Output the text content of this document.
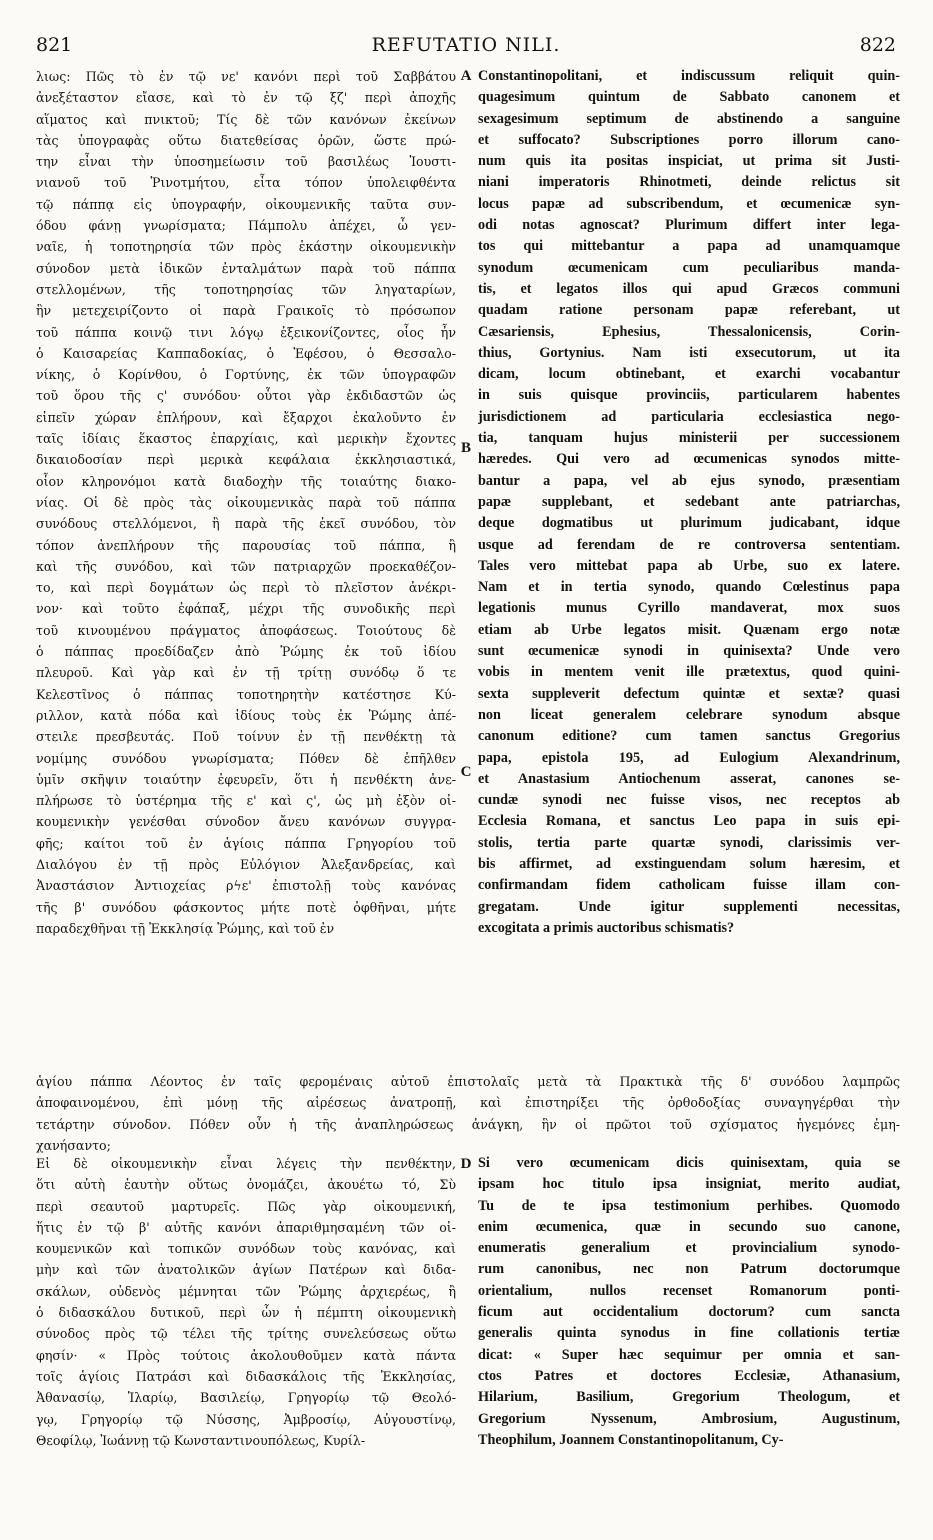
821	REFUTATIO NILI.	822
λιως: Πῶς τὸ ἐν τῷ νε' κανόνι περὶ τοῦ Σαββάτου
ἀνεξέταστον εἴασε, καὶ τὸ ἐν τῷ ξζ' περὶ ἀποχῆς
αἵματος καὶ πνικτοῦ; Τίς δὲ τῶν κανόνων ἐκείνων
τὰς ὑπογραφὰς οὕτω διατεθείσας ὁρῶν, ὥστε πρώ-
την εἶναι τὴν ὑποσημείωσιν τοῦ βασιλέως Ἰουστι-
νιανοῦ τοῦ Ῥινοτμήτου, εἶτα τόπον ὑπολειφθέντα
τῷ πάππᾳ εἰς ὑπογραφήν, οἰκουμενικῆς ταῦτα συν-
όδου φάνῃ γνωρίσματα; Πάμπολυ ἀπέχει, ὦ γεν-
ναῖε, ἡ τοποτηρησία τῶν πρὸς ἑκάστην οἰκουμενικὴν
σύνοδον μετὰ ἰδικῶν ἐνταλμάτων παρὰ τοῦ πάππα
στελλομένων, τῆς τοποτηρησίας τῶν ληγαταρίων,
ἣν μετεχειρίζοντο οἱ παρὰ Γραικοῖς τὸ πρόσωπον
τοῦ πάππα κοινῷ τινι λόγῳ ἐξεικονίζοντες, οἷος ἦν
ὁ Καισαρείας Καππαδοκίας, ὁ Ἐφέσου, ὁ Θεσσαλο-
νίκης, ὁ Κορίνθου, ὁ Γορτύνης, ἐκ τῶν ὑπογραφῶν
τοῦ ὅρου τῆς ς' συνόδου· οὗτοι γὰρ ἐκδιδαστῶν ὡς
εἰπεῖν χώραν ἐπλήρουν, καὶ ἔξαρχοι ἐκαλοῦντο ἐν
ταῖς ἰδίαις ἕκαστος ἐπαρχίαις, καὶ μερικὴν ἔχοντες
δικαιοδοσίαν περὶ μερικὰ κεφάλαια ἐκκλησιαστικά,
οἷον κληρονόμοι κατὰ διαδοχὴν τῆς τοιαύτης διακο-
νίας. Οἱ δὲ πρὸς τὰς οἰκουμενικὰς παρὰ τοῦ πάππα
συνόδους στελλόμενοι, ἢ παρὰ τῆς ἐκεῖ συνόδου, τὸν
τόπον ἀνεπλήρουν τῆς παρουσίας τοῦ πάππα, ἢ
καὶ τῆς συνόδου, καὶ τῶν πατριαρχῶν προεκαθέζον-
το, καὶ περὶ δογμάτων ὡς περὶ τὸ πλεῖστον ἀνέκρι-
νον· καὶ τοῦτο ἐφάπαξ, μέχρι τῆς συνοδικῆς περὶ
τοῦ κινουμένου πράγματος ἀποφάσεως. Τοιούτους δὲ
ὁ πάππας προεδίδαζεν ἀπὸ Ῥώμης ἐκ τοῦ ἰδίου
πλευροῦ. Καὶ γὰρ καὶ ἐν τῇ τρίτῃ συνόδῳ ὅ τε
Κελεστῖνος ὁ πάππας τοποτηρητὴν κατέστησε Κύ-
ριλλον, κατὰ πόδα καὶ ἰδίους τοὺς ἐκ Ῥώμης ἀπέ-
στειλε πρεσβευτάς. Ποῦ τοίνυν ἐν τῇ πενθέκτῃ τὰ
νομίμης συνόδου γνωρίσματα; Πόθεν δὲ ἐπῆλθεν
ὑμῖν σκῆψιν τοιαύτην ἐφευρεῖν, ὅτι ἡ πενθέκτη ἀνε-
πλήρωσε τὸ ὑστέρημα τῆς ε' καὶ ς', ὡς μὴ ἐξὸν οἰ-
κουμενικὴν γενέσθαι σύνοδον ἄνευ κανόνων συγγρα-
φῆς; καίτοι τοῦ ἐν ἁγίοις πάππα Γρηγορίου τοῦ
Διαλόγου ἐν τῇ πρὸς Εὐλόγιον Ἀλεξανδρείας, καὶ
Ἀναστάσιον Ἀντιοχείας ρϟε' ἐπιστολῇ τοὺς κανόνας
τῆς β' συνόδου φάσκοντος μήτε ποτὲ ὀφθῆναι, μήτε
παραδεχθῆναι τῇ Ἐκκλησίᾳ Ῥώμης, καὶ τοῦ ἐν
Constantinopolitani, et indiscussum reliquit quin-
quagesimum quintum de Sabbato canonem et
sexagesimum septimum de abstinendo a sanguine
et suffocato? Subscriptiones porro illorum cano-
num quis ita positas inspiciat, ut prima sit Justi-
niani imperatoris Rhinotmeti, deinde relictus sit
locus papæ ad subscribendum, et œcumenicæ syn-
odi notas agnoscat? Plurimum differt inter lega-
tos qui mittebantur a papa ad unamquamque
synodum œcumenicam cum peculiaribus manda-
tis, et legatos illos qui apud Græcos communi
quadam ratione personam papæ referebant, ut
Cæsariensis, Ephesius, Thessalonicensis, Corin-
thius, Gortynius. Nam isti exsecutorum, ut ita
dicam, locum obtinebant, et exarchi vocabantur
in suis quisque provinciis, particularem habentes
jurisdictionem ad particularia ecclesiastica nego-
tia, tanquam hujus ministerii per successionem
hæredes. Qui vero ad œcumenicas synodos mitte-
bantur a papa, vel ab ejus synodo, præsentiam
papæ supplebant, et sedebant ante patriarchas,
deque dogmatibus ut plurimum judicabant, idque
usque ad ferendam de re controversa sententiam.
Tales vero mittebat papa ab Urbe, suo ex latere.
Nam et in tertia synodo, quando Cœlestinus papa
legationis munus Cyrillo mandaverat, mox suos
etiam ab Urbe legatos misit. Quænam ergo notæ
sunt œcumenicæ synodi in quinisexta? Unde vero
vobis in mentem venit ille prætextus, quod quini-
sexta suppleverit defectum quintæ et sextæ? quasi
non liceat generalem celebrare synodum absque
canonum editione? cum tamen sanctus Gregorius
papa, epistola 195, ad Eulogium Alexandrinum,
et Anastasium Antiochenum asserat, canones se-
cundæ synodi nec fuisse visos, nec receptos ab
Ecclesia Romana, et sanctus Leo papa in suis epi-
stolis, tertia parte quartæ synodi, clarissimis ver-
bis affirmet, ad exstinguendam solum hæresim, et
confirmandam fidem catholicam fuisse illam con-
gregatam. Unde igitur supplementi necessitas,
excogitata a primis auctoribus schismatis?
A
B
C
D
ἁγίου πάππα Λέοντος ἐν ταῖς φερομέναις αὐτοῦ ἐπιστολαῖς μετὰ τὰ Πρακτικὰ τῆς δ' συνόδου λαμπρῶς
ἀποφαινομένου, ἐπὶ μόνῃ τῆς αἱρέσεως ἀνατροπῇ, καὶ ἐπιστηρίξει τῆς ὀρθοδοξίας συναγηγέρθαι τὴν
τετάρτην σύνοδον. Πόθεν οὖν ἡ τῆς ἀναπληρώσεως ἀνάγκη, ἣν οἱ πρῶτοι τοῦ σχίσματος ἡγεμόνες ἐμη-
χανήσαντο;
Εἰ δὲ οἰκουμενικὴν εἶναι λέγεις τὴν πενθέκτην,
ὅτι αὐτὴ ἑαυτὴν οὕτως ὀνομάζει, ἀκουέτω τό, Σὺ
περὶ σεαυτοῦ μαρτυρεῖς. Πῶς γὰρ οἰκουμενική,
ἥτις ἐν τῷ β' αὐτῆς κανόνι ἀπαριθμησαμένη τῶν οἰ-
κουμενικῶν καὶ τοπικῶν συνόδων τοὺς κανόνας, καὶ
μὴν καὶ τῶν ἀνατολικῶν ἁγίων Πατέρων καὶ διδα-
σκάλων, οὐδενὸς μέμνηται τῶν Ῥώμης ἀρχιερέως, ἢ
ὁ διδασκάλου δυτικοῦ, περὶ ὧν ἡ πέμπτη οἰκουμενικὴ
σύνοδος πρὸς τῷ τέλει τῆς τρίτης συνελεύσεως οὕτω
φησίν· « Πρὸς τούτοις ἀκολουθοῦμεν κατὰ πάντα
τοῖς ἁγίοις Πατράσι καὶ διδασκάλοις τῆς Ἐκκλησίας,
Ἀθανασίῳ, Ἱλαρίῳ, Βασιλείῳ, Γρηγορίῳ τῷ Θεολό-
γῳ, Γρηγορίῳ τῷ Νύσσης, Ἀμβροσίῳ, Αὐγουστίνῳ,
Θεοφίλῳ, Ἰωάννῃ τῷ Κωνσταντινουπόλεως, Κυρίλ-
Si vero œcumenicam dicis quinisextam, quia se
ipsam hoc titulo ipsa insigniat, merito audiat,
Tu de te ipsa testimonium perhibes. Quomodo
enim œcumenica, quæ in secundo suo canone,
enumeratis generalium et provincialium synodo-
rum canonibus, nec non Patrum doctorumque
orientalium, nullos recenset Romanorum ponti-
ficum aut occidentalium doctorum? cum sancta
generalis quinta synodus in fine collationis tertiæ
dicat: « Super hæc sequimur per omnia et san-
ctos Patres et doctores Ecclesiæ, Athanasium,
Hilarium, Basilium, Gregorium Theologum, et
Gregorium Nyssenum, Ambrosium, Augustinum,
Theophilum, Joannem Constantinopolitanum, Cy-
